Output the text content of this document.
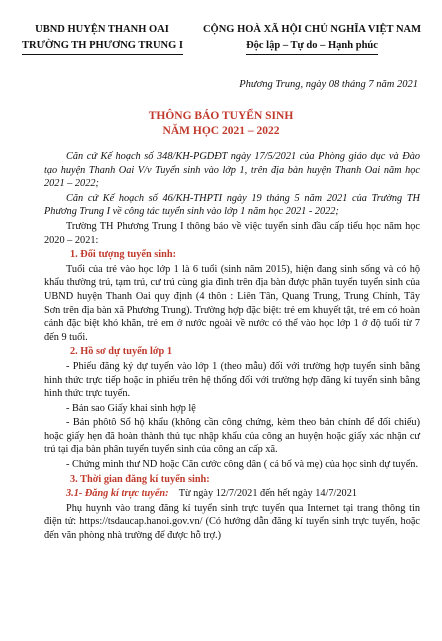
UBND HUYỆN THANH OAI
TRƯỜNG TH PHƯƠNG TRUNG I
CỘNG HOÀ XÃ HỘI CHỦ NGHĨA VIỆT NAM
Độc lập – Tự do – Hạnh phúc
Phương Trung, ngày 08 tháng 7 năm 2021
THÔNG BÁO TUYỂN SINH
NĂM HỌC 2021 – 2022

Căn cứ Kế hoạch số 348/KH-PGDĐT ngày 17/5/2021 của Phòng giáo dục và Đào tạo huyện Thanh Oai V/v Tuyển sinh vào lớp 1, trên địa bàn huyện Thanh Oai năm học 2021 – 2022;

Căn cứ Kế hoạch số 46/KH-THPTI ngày 19 tháng 5 năm 2021 của Trường TH Phương Trung I về công tác tuyển sinh vào lớp 1 năm học 2021 - 2022;

Trường TH Phương Trung I thông báo về việc tuyển sinh đầu cấp tiểu học năm học 2020 – 2021:

1. Đối tượng tuyển sinh:

Tuổi của trẻ vào học lớp 1 là 6 tuổi (sinh năm 2015), hiện đang sinh sống và có hộ khẩu thường trú, tạm trú, cư trú cùng gia đình trên địa bàn được phân tuyển tuyển sinh của UBND huyện Thanh Oai quy định (4 thôn : Liên Tân, Quang Trung, Trung Chính, Tây Sơn trên địa bàn xã Phương Trung). Trường hợp đặc biệt: trẻ em khuyết tật, trẻ em có hoàn cảnh đặc biệt khó khăn, trẻ em ở nước ngoài về nước có thể vào học lớp 1 ở độ tuổi từ 7 đến 9 tuổi.

2. Hồ sơ dự tuyển lớp 1

- Phiếu đăng ký dự tuyển vào lớp 1 (theo mẫu) đối với trường hợp tuyển sinh bằng hình thức trực tiếp hoặc in phiếu trên hệ thống đối với trường hợp đăng kí tuyển sinh bằng hình thức trực tuyến.

- Bản sao Giấy khai sinh hợp lệ

- Bản phôtô Sổ hộ khẩu (không cần công chứng, kèm theo bản chính để đối chiếu) hoặc giấy hẹn đã hoàn thành thủ tục nhập khẩu của công an huyện hoặc giấy xác nhận cư trú tại địa bàn phân tuyển tuyển sinh của công an cấp xã.

- Chứng minh thư ND hoặc Căn cước công dân ( cả bố và mẹ) của học sinh dự tuyển.

3. Thời gian đăng kí tuyển sinh:

3.1- Đăng kí trực tuyến: Từ ngày 12/7/2021 đến hết ngày 14/7/2021

Phụ huynh vào trang đăng kí tuyển sinh trực tuyến qua Internet tại trang thông tin điện tử: https://tsdaucap.hanoi.gov.vn/ (Có hướng dẫn đăng kí tuyển sinh trực tuyến, hoặc đến văn phòng nhà trường để được hỗ trợ.)
